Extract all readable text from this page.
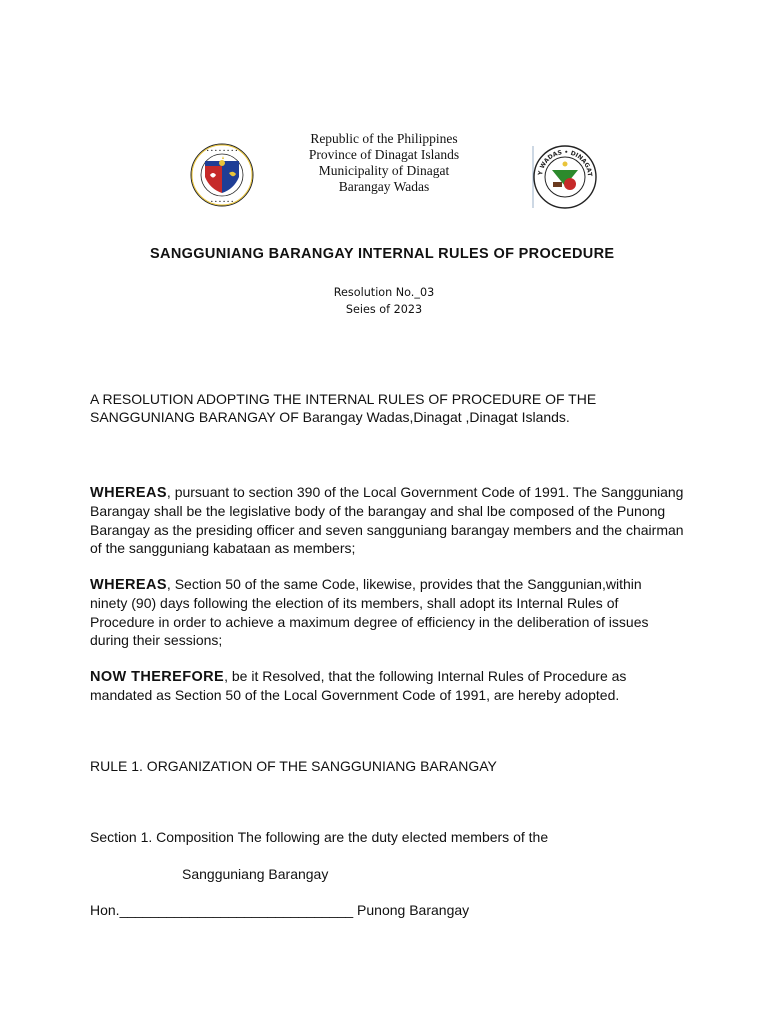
• • • • • • • •
• • • • • •
Republic of the Philippines
Province of Dinagat Islands
Municipality of Dinagat
Barangay Wadas
Y WADAS • DINAGAT
SANGGUNIANG BARANGAY INTERNAL RULES OF PROCEDURE
Resolution No._03
Seies of 2023
A RESOLUTION ADOPTING THE INTERNAL RULES OF PROCEDURE OF THE SANGGUNIANG BARANGAY OF Barangay Wadas,Dinagat ,Dinagat Islands.
WHEREAS, pursuant to section 390 of the Local Government Code of 1991. The Sangguniang Barangay shall be the legislative body of the barangay and shal lbe composed of the Punong Barangay as the presiding officer and seven sangguniang barangay members and the chairman of the sangguniang kabataan as members;
WHEREAS, Section 50 of the same Code, likewise, provides that the Sanggunian,within ninety (90) days following the election of its members, shall adopt its Internal Rules of Procedure in order to achieve a maximum degree of efficiency in the deliberation of issues during their sessions;
NOW THEREFORE, be it Resolved, that the following Internal Rules of Procedure as mandated as Section 50 of the Local Government Code of 1991, are hereby adopted.
RULE 1. ORGANIZATION OF THE SANGGUNIANG BARANGAY
Section 1. Composition The following are the duty elected members of the
Sangguniang Barangay
Hon.______________________________ Punong Barangay
